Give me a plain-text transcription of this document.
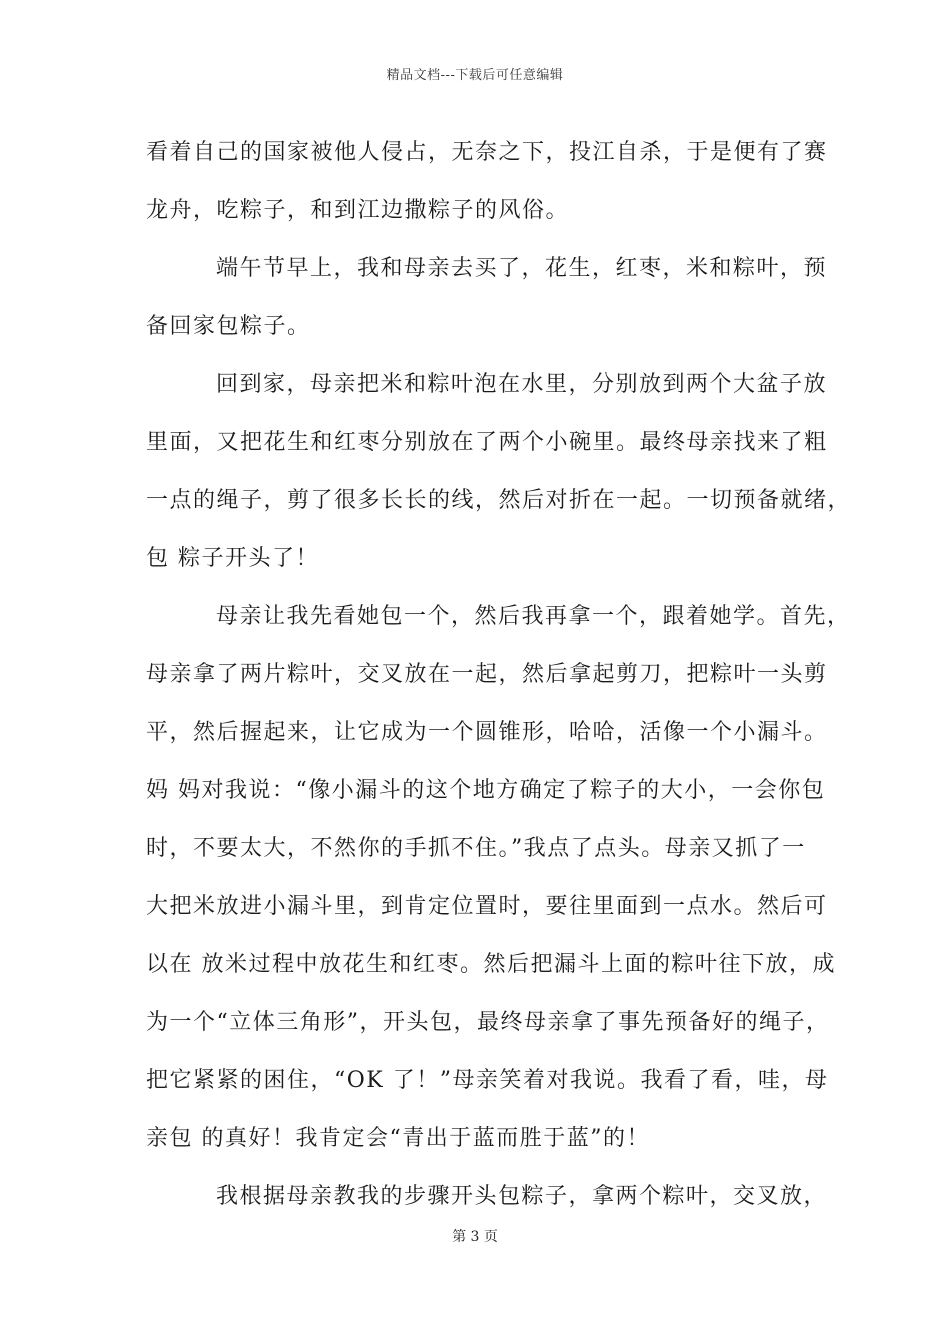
精品文档---下载后可任意编辑
看着自己的国家被他人侵占，无奈之下，投江自杀，于是便有了赛
龙舟，吃粽子，和到江边撒粽子的风俗。
端午节早上，我和母亲去买了，花生，红枣，米和粽叶，预
备回家包粽子。
回到家，母亲把米和粽叶泡在水里，分别放到两个大盆子放
里面，又把花生和红枣分别放在了两个小碗里。最终母亲找来了粗
一点的绳子，剪了很多长长的线，然后对折在一起。一切预备就绪，
包 粽子开头了！
母亲让我先看她包一个，然后我再拿一个，跟着她学。首先，
母亲拿了两片粽叶，交叉放在一起，然后拿起剪刀，把粽叶一头剪
平，然后握起来，让它成为一个圆锥形，哈哈，活像一个小漏斗。
妈 妈对我说：“像小漏斗的这个地方确定了粽子的大小，一会你包
时，不要太大，不然你的手抓不住。”我点了点头。母亲又抓了一
大把米放进小漏斗里，到肯定位置时，要往里面到一点水。然后可
以在 放米过程中放花生和红枣。然后把漏斗上面的粽叶往下放，成
为一个“立体三角形”，开头包，最终母亲拿了事先预备好的绳子，
把它紧紧的困住，“OK 了！”母亲笑着对我说。我看了看，哇，母
亲包 的真好！我肯定会“青出于蓝而胜于蓝”的！
我根据母亲教我的步骤开头包粽子，拿两个粽叶，交叉放，
第 3 页
